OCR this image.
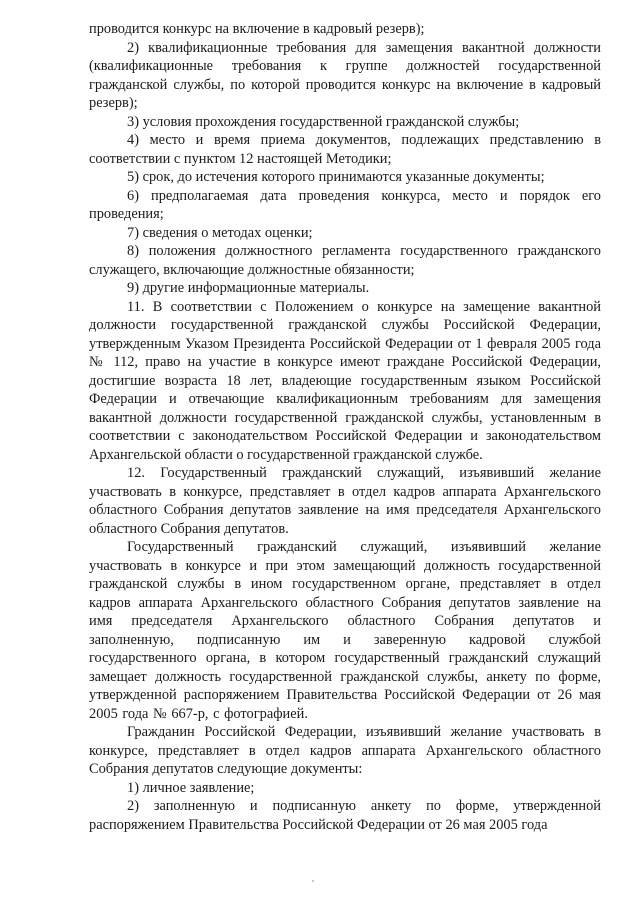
проводится конкурс на включение в кадровый резерв);

2) квалификационные требования для замещения вакантной должности (квалификационные требования к группе должностей государственной гражданской службы, по которой проводится конкурс на включение в кадровый резерв);

3) условия прохождения государственной гражданской службы;

4) место и время приема документов, подлежащих представлению в соответствии с пунктом 12 настоящей Методики;

5) срок, до истечения которого принимаются указанные документы;

6) предполагаемая дата проведения конкурса, место и порядок его проведения;

7) сведения о методах оценки;

8) положения должностного регламента государственного гражданского служащего, включающие должностные обязанности;

9) другие информационные материалы.

11. В соответствии с Положением о конкурсе на замещение вакантной должности государственной гражданской службы Российской Федерации, утвержденным Указом Президента Российской Федерации от 1 февраля 2005 года № 112, право на участие в конкурсе имеют граждане Российской Федерации, достигшие возраста 18 лет, владеющие государственным языком Российской Федерации и отвечающие квалификационным требованиям для замещения вакантной должности государственной гражданской службы, установленным в соответствии с законодательством Российской Федерации и законодательством Архангельской области о государственной гражданской службе.

12. Государственный гражданский служащий, изъявивший желание участвовать в конкурсе, представляет в отдел кадров аппарата Архангельского областного Собрания депутатов заявление на имя председателя Архангельского областного Собрания депутатов.

Государственный гражданский служащий, изъявивший желание участвовать в конкурсе и при этом замещающий должность государственной гражданской службы в ином государственном органе, представляет в отдел кадров аппарата Архангельского областного Собрания депутатов заявление на имя председателя Архангельского областного Собрания депутатов и заполненную, подписанную им и заверенную кадровой службой государственного органа, в котором государственный гражданский служащий замещает должность государственной гражданской службы, анкету по форме, утвержденной распоряжением Правительства Российской Федерации от 26 мая 2005 года № 667-р, с фотографией.

Гражданин Российской Федерации, изъявивший желание участвовать в конкурсе, представляет в отдел кадров аппарата Архангельского областного Собрания депутатов следующие документы:

1) личное заявление;

2) заполненную и подписанную анкету по форме, утвержденной распоряжением Правительства Российской Федерации от 26 мая 2005 года
